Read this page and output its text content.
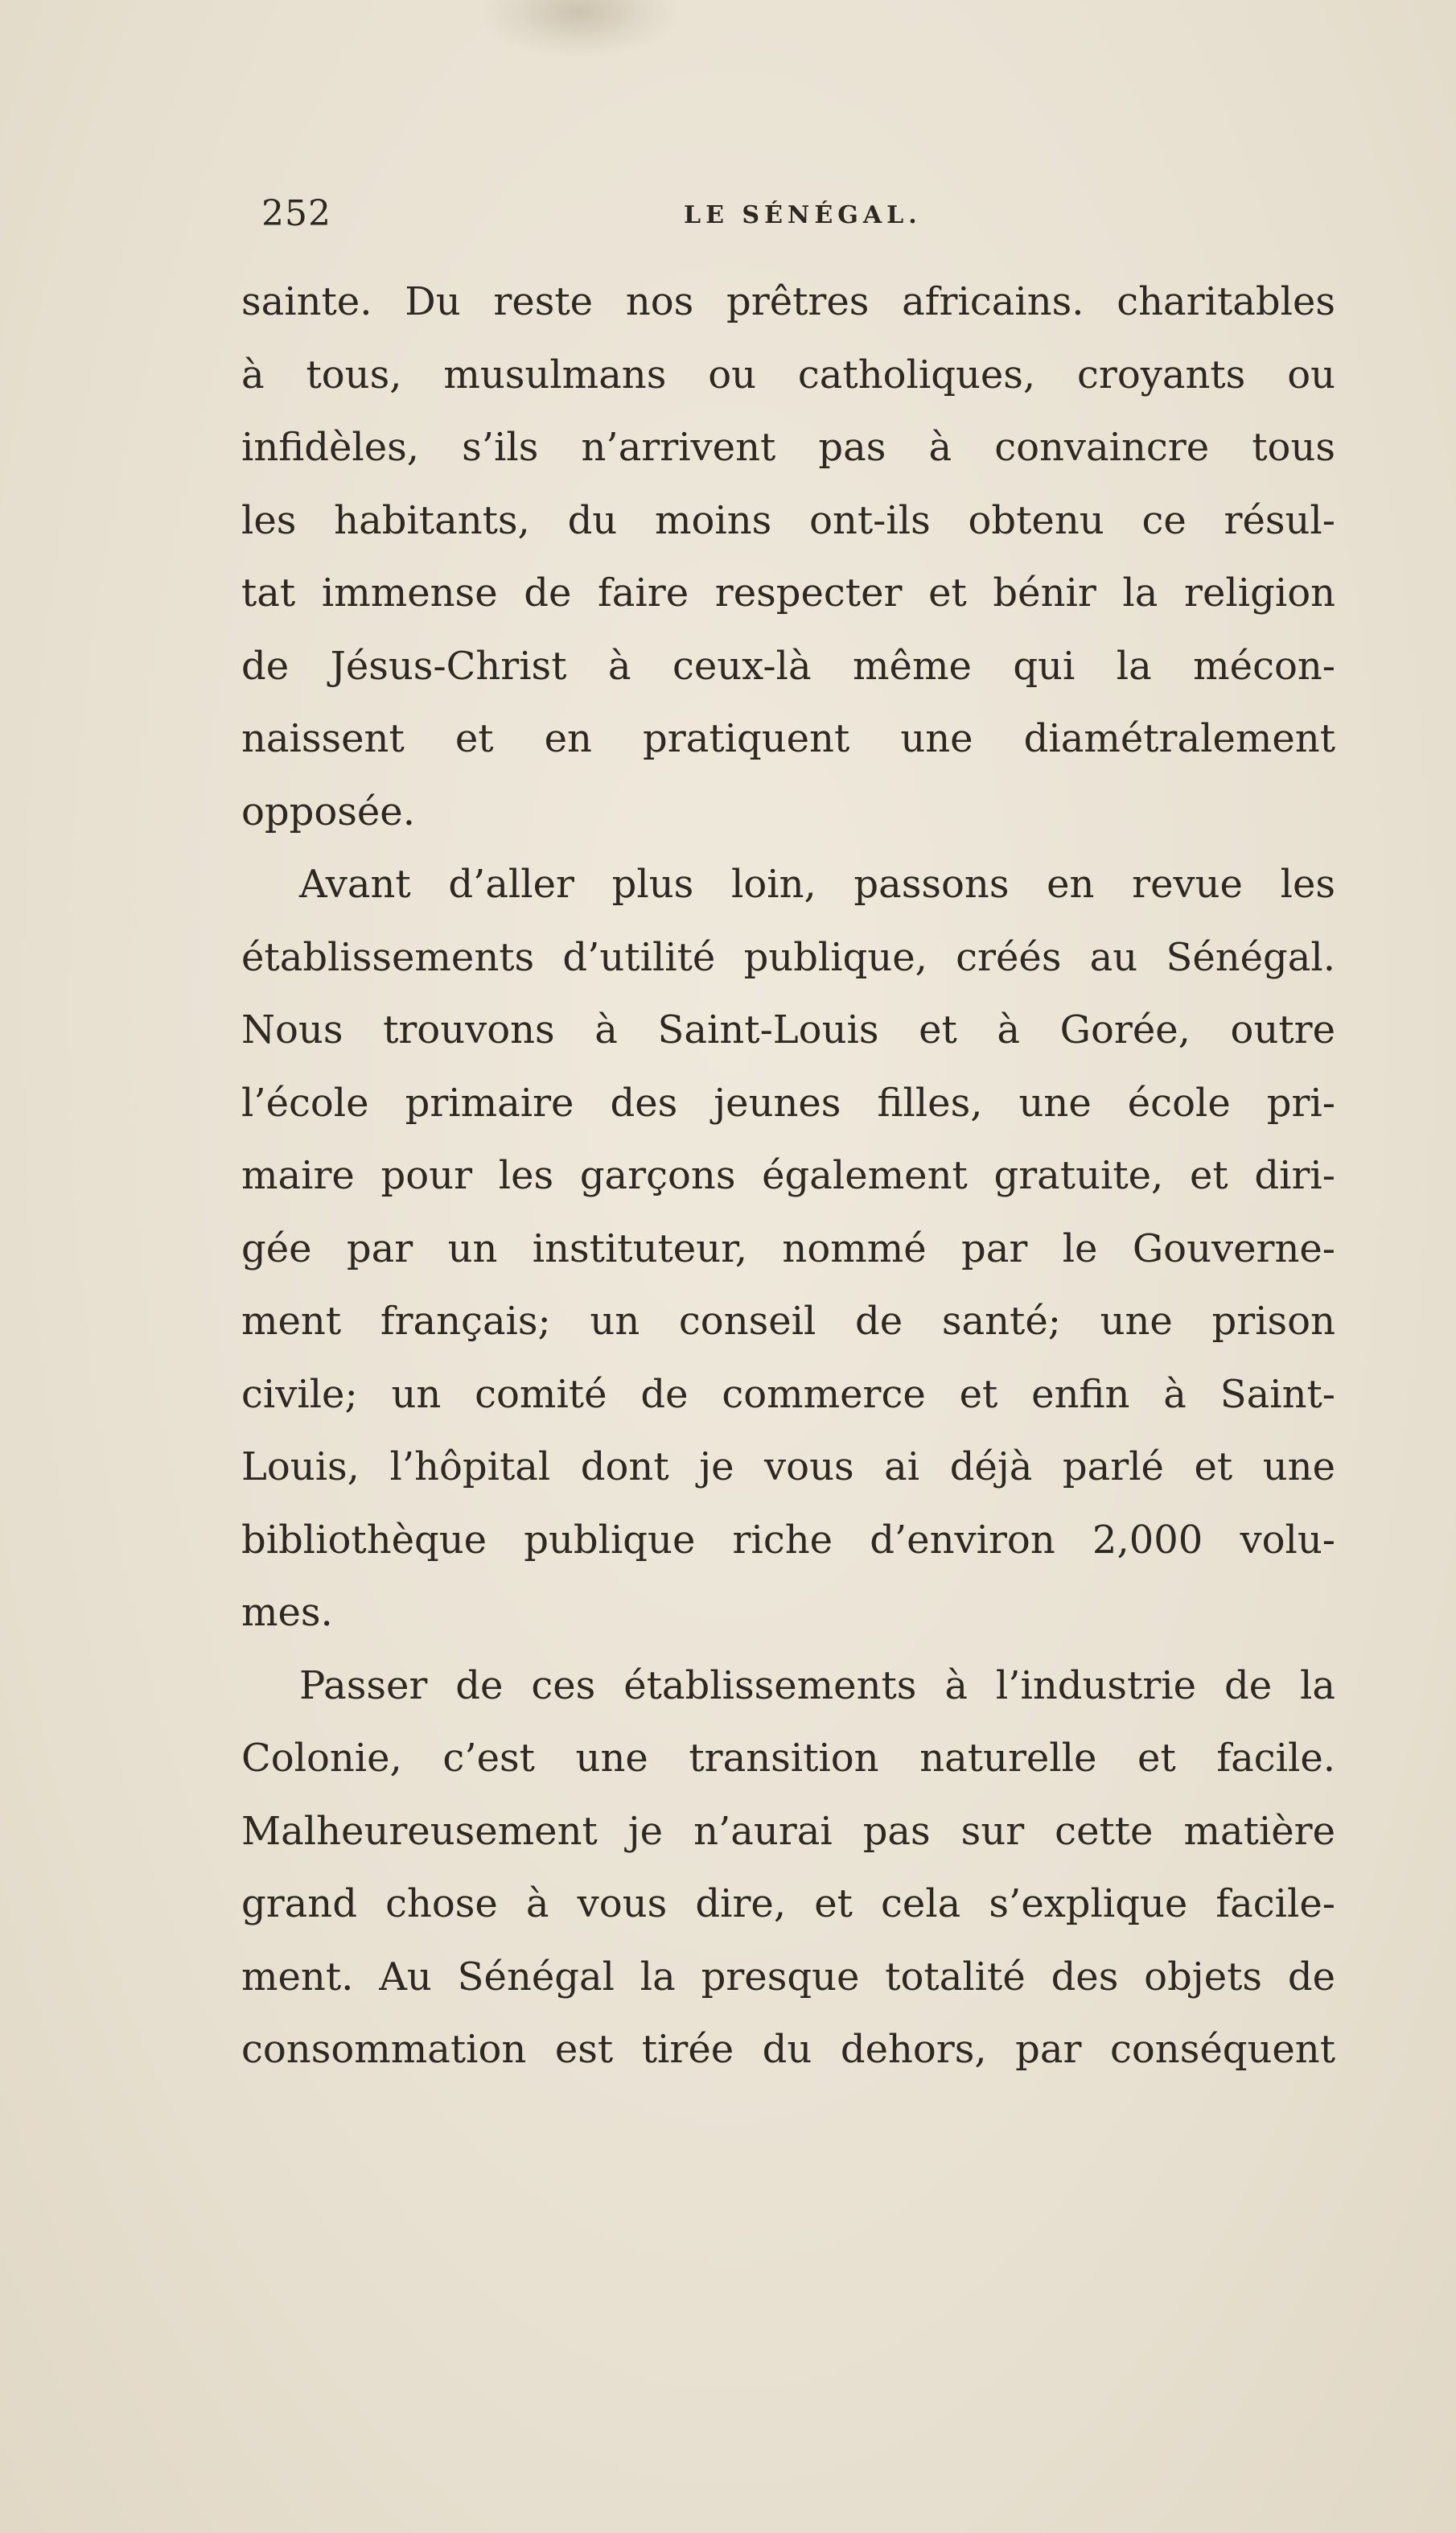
252	LE SÉNÉGAL.
sainte. Du reste nos prêtres africains. charitables
à tous, musulmans ou catholiques, croyants ou
infidèles, s’ils n’arrivent pas à convaincre tous
les habitants, du moins ont-ils obtenu ce résul-
tat immense de faire respecter et bénir la religion
de Jésus-Christ à ceux-là même qui la mécon-
naissent et en pratiquent une diamétralement
opposée.
Avant d’aller plus loin, passons en revue les
établissements d’utilité publique, créés au Sénégal.
Nous trouvons à Saint-Louis et à Gorée, outre
l’école primaire des jeunes filles, une école pri-
maire pour les garçons également gratuite, et diri-
gée par un instituteur, nommé par le Gouverne-
ment français; un conseil de santé; une prison
civile; un comité de commerce et enfin à Saint-
Louis, l’hôpital dont je vous ai déjà parlé et une
bibliothèque publique riche d’environ 2,000 volu-
mes.
Passer de ces établissements à l’industrie de la
Colonie, c’est une transition naturelle et facile.
Malheureusement je n’aurai pas sur cette matière
grand chose à vous dire, et cela s’explique facile-
ment. Au Sénégal la presque totalité des objets de
consommation est tirée du dehors, par conséquent
